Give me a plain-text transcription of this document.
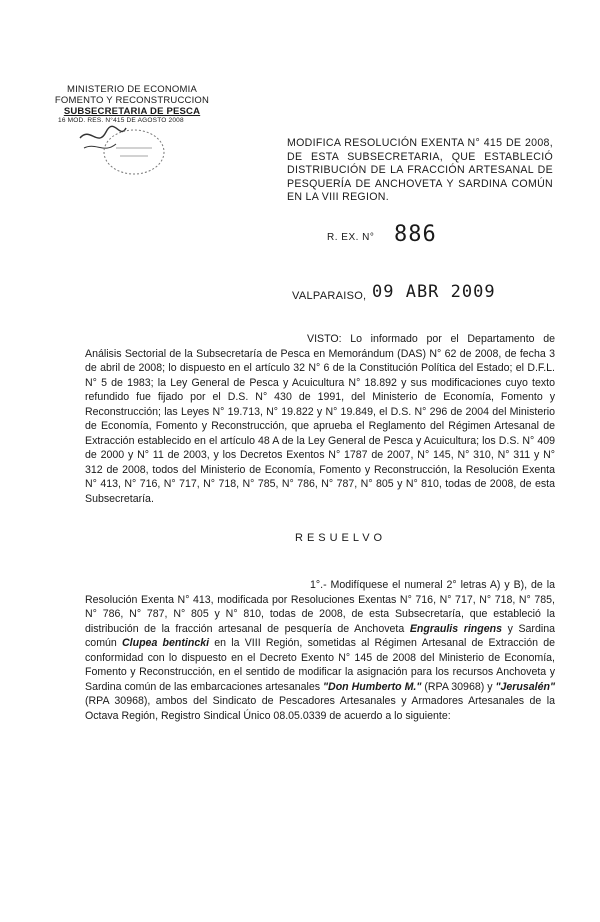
MINISTERIO DE ECONOMIA
FOMENTO Y RECONSTRUCCION
SUBSECRETARIA DE PESCA
16 MOD. RES. N°415 DE AGOSTO 2008
MODIFICA RESOLUCIÓN EXENTA N° 415 DE 2008, DE ESTA SUBSECRETARIA, QUE ESTABLECIÓ DISTRIBUCIÓN DE LA FRACCIÓN ARTESANAL DE PESQUERÍA DE ANCHOVETA Y SARDINA COMÚN EN LA VIII REGION.
R. EX. N° 886
VALPARAISO, 09 ABR 2009
VISTO: Lo informado por el Departamento de Análisis Sectorial de la Subsecretaría de Pesca en Memorándum (DAS) N° 62 de 2008, de fecha 3 de abril de 2008; lo dispuesto en el artículo 32 N° 6 de la Constitución Política del Estado; el D.F.L. N° 5 de 1983; la Ley General de Pesca y Acuicultura N° 18.892 y sus modificaciones cuyo texto refundido fue fijado por el D.S. N° 430 de 1991, del Ministerio de Economía, Fomento y Reconstrucción; las Leyes N° 19.713, N° 19.822 y N° 19.849, el D.S. N° 296 de 2004 del Ministerio de Economía, Fomento y Reconstrucción, que aprueba el Reglamento del Régimen Artesanal de Extracción establecido en el artículo 48 A de la Ley General de Pesca y Acuicultura; los D.S. N° 409 de 2000 y N° 11 de 2003, y los Decretos Exentos N° 1787 de 2007, N° 145, N° 310, N° 311 y N° 312 de 2008, todos del Ministerio de Economía, Fomento y Reconstrucción, la Resolución Exenta N° 413, N° 716, N° 717, N° 718, N° 785, N° 786, N° 787, N° 805 y N° 810, todas de 2008, de esta Subsecretaría.
RESUELVO
1°.- Modifíquese el numeral 2° letras A) y B), de la Resolución Exenta N° 413, modificada por Resoluciones Exentas N° 716, N° 717, N° 718, N° 785, N° 786, N° 787, N° 805 y N° 810, todas de 2008, de esta Subsecretaría, que estableció la distribución de la fracción artesanal de pesquería de Anchoveta Engraulis ringens y Sardina común Clupea bentincki en la VIII Región, sometidas al Régimen Artesanal de Extracción de conformidad con lo dispuesto en el Decreto Exento N° 145 de 2008 del Ministerio de Economía, Fomento y Reconstrucción, en el sentido de modificar la asignación para los recursos Anchoveta y Sardina común de las embarcaciones artesanales "Don Humberto M." (RPA 30968) y "Jerusalén" (RPA 30968), ambos del Sindicato de Pescadores Artesanales y Armadores Artesanales de la Octava Región, Registro Sindical Único 08.05.0339 de acuerdo a lo siguiente:
